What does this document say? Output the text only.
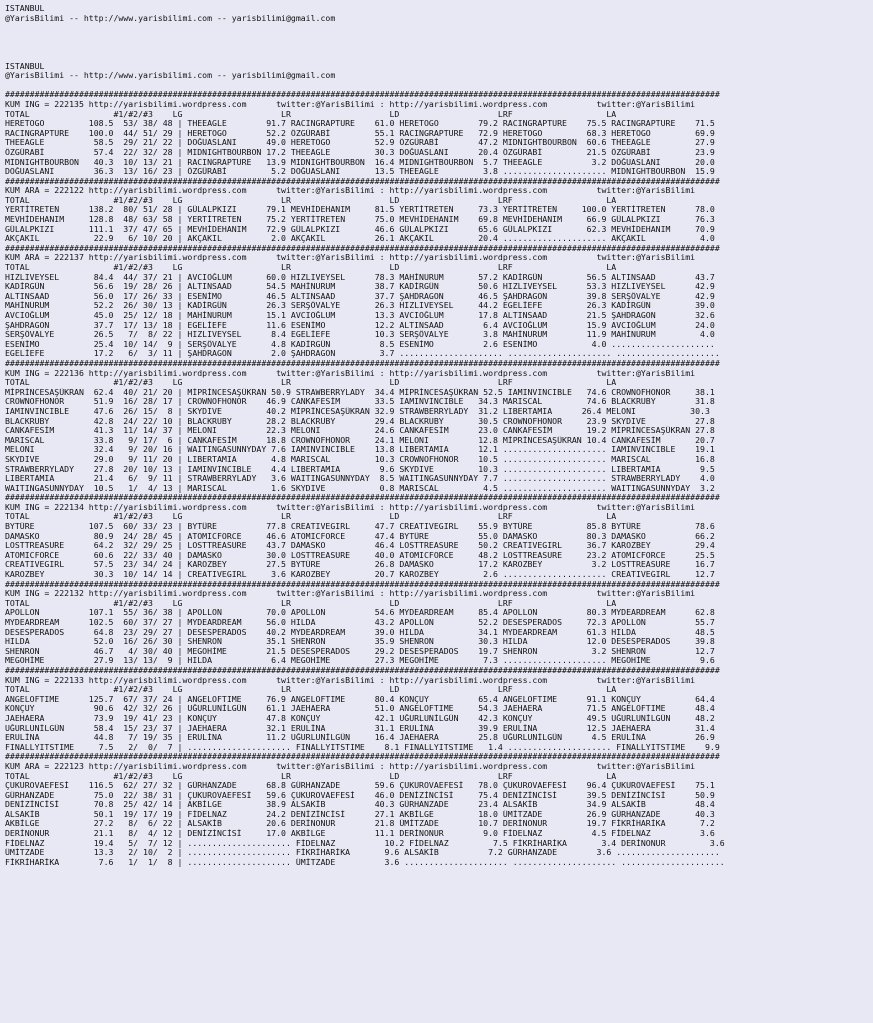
ISTANBUL
@YarisBilimi -- http://www.yarisbilimi.com -- yarisbilimi@gmail.com

ISTANBUL
@YarisBilimi -- http://www.yarisbilimi.com -- yarisbilimi@gmail.com

#################################################################################################################################################
KUM ING = 222135 http://yarisbilimi.wordpress.com      twitter:@YarisBilimi : http://yarisbilimi.wordpress.com          twitter:@YarisBilimi
TOTAL                 #1/#2/#3    LG                    LR                    LD                    LRF                   LA
HERETOGO         108.5  53/ 38/ 48 | THEEAGLE        91.7 RACINGRAPTURE    61.0 HERETOGO        79.2 RACINGRAPTURE    75.5 RACINGRAPTURE    71.5
RACINGRAPTURE    100.0  44/ 51/ 29 | HERETOGO        52.2 ÖZGÜRABİ         55.1 RACINGRAPTURE   72.9 HERETOGO         68.3 HERETOGO         69.9
THEEAGLE          58.5  29/ 21/ 22 | DOĞUASLANI      49.0 HERETOGO         52.9 ÖZGÜRABİ        47.2 MIDNIGHTBOURBON  60.6 THEEAGLE         27.9
ÖZGÜRABİ          57.4  22/ 32/ 28 | MIDNIGHTBOURBON 17.2 THEEAGLE         30.3 DOĞUASLANI      20.4 ÖZGÜRABİ         21.5 ÖZGÜRABİ         23.9
MIDNIGHTBOURBON   40.3  10/ 13/ 21 | RACINGRAPTURE   13.9 MIDNIGHTBOURBON  16.4 MIDNIGHTBOURBON  5.7 THEEAGLE          3.2 DOĞUASLANI       20.0
DOĞUASLANI        36.3  13/ 16/ 23 | ÖZGÜRABİ         5.2 DOĞUASLANI       13.5 THEEAGLE         3.8 ..................... MIDNIGHTBOURBON  15.9
#################################################################################################################################################
KUM ARA = 222122 http://yarisbilimi.wordpress.com      twitter:@YarisBilimi : http://yarisbilimi.wordpress.com          twitter:@YarisBilimi
TOTAL                 #1/#2/#3    LG                    LR                    LD                    LRF                   LA
YERTİTRETEN      138.2  80/ 51/ 28 | GÜLALPKIZI      79.1 MEVHİDEHANIM     81.5 YERTİTRETEN     73.3 YERTİTRETEN     100.0 YERTİTRETEN      78.0
MEVHİDEHANIM     128.8  48/ 63/ 58 | YERTİTRETEN     75.2 YERTİTRETEN      75.0 MEVHİDEHANIM    69.8 MEVHİDEHANIM     66.9 GÜLALPKIZI       76.3
GÜLALPKIZI       111.1  37/ 47/ 65 | MEVHİDEHANIM    72.9 GÜLALPKIZI       46.6 GÜLALPKIZI      65.6 GÜLALPKIZI       62.3 MEVHİDEHANIM     70.9
AKÇAKIL           22.9   6/ 10/ 20 | AKÇAKIL          2.0 AKÇAKIL          26.1 AKÇAKIL         20.4 ..................... AKÇAKIL           4.0
#################################################################################################################################################
KUM ARA = 222137 http://yarisbilimi.wordpress.com      twitter:@YarisBilimi : http://yarisbilimi.wordpress.com          twitter:@YarisBilimi
TOTAL                 #1/#2/#3    LG                    LR                    LD                    LRF                   LA
HIZLIVEYSEL       84.4  44/ 37/ 21 | AVCIOĞLUM       60.0 HIZLIVEYSEL      78.3 MAHİNURUM       57.2 KADİRGÜN         56.5 ALTINSAAD        43.7
KADİRGÜN          56.6  19/ 28/ 26 | ALTINSAAD       54.5 MAHİNURUM        38.7 KADİRGÜN        50.6 HIZLIVEYSEL      53.3 HIZLIVEYSEL      42.9
ALTINSAAD         56.0  17/ 26/ 33 | ESENİMO         46.5 ALTINSAAD        37.7 ŞAHDRAGON       46.5 ŞAHDRAGON        39.8 SERŞÖVALYE       42.9
MAHİNURUM         52.2  26/ 30/ 13 | KADİRGÜN        26.3 SERŞÖVALYE       26.3 HIZLIVEYSEL     44.2 EGELİEFE         26.3 KADİRGÜN         39.0
AVCIOĞLUM         45.0  25/ 12/ 18 | MAHİNURUM       15.1 AVCIOĞLUM        13.3 AVCIOĞLUM       17.8 ALTINSAAD        21.5 ŞAHDRAGON        32.6
ŞAHDRAGON         37.7  17/ 13/ 18 | EGELİEFE        11.6 ESENİMO          12.2 ALTINSAAD        6.4 AVCIOĞLUM        15.9 AVCIOĞLUM        24.0
SERŞÖVALYE        26.5   7/  8/ 22 | HIZLIVEYSEL      8.4 EGELİEFE         10.3 SERŞÖVALYE       3.8 MAHİNURUM        11.9 MAHİNURUM         4.0
ESENİMO           25.4  10/ 14/  9 | SERŞÖVALYE       4.8 KADİRGÜN          8.5 ESENİMO          2.6 ESENİMO           4.0 .....................
EGELİEFE          17.2   6/  3/ 11 | ŞAHDRAGON        2.0 ŞAHDRAGON         3.7 ..................... ..................... .....................
#################################################################################################################################################
KUM ING = 222136 http://yarisbilimi.wordpress.com      twitter:@YarisBilimi : http://yarisbilimi.wordpress.com          twitter:@YarisBilimi
TOTAL                 #1/#2/#3    LG                    LR                    LD                    LRF                   LA
MİPRİNCESAŞÜKRAN  62.4  40/ 21/ 20 | MİPRİNCESAŞÜKRAN 50.9 STRAWBERRYLADY  34.4 MİPRİNCESAŞÜKRAN 52.5 IAMINVINCIBLE   74.6 CROWNOFHONOR     38.1
CROWNOFHONOR      51.9  16/ 28/ 17 | CROWNOFHONOR    46.9 CANKAFESİM       33.5 IAMINVINCIBLE   34.3 MARISCAL         74.6 BLACKRUBY        31.8
IAMINVINCIBLE     47.6  26/ 15/  8 | SKYDIVE         40.2 MİPRİNCESAŞÜKRAN 32.9 STRAWBERRYLADY  31.2 LIBERTAMIA      26.4 MELONI           30.3
BLACKRUBY         42.8  24/ 22/ 10 | BLACKRUBY       28.2 BLACKRUBY        29.4 BLACKRUBY       30.5 CROWNOFHONOR     23.9 SKYDIVE          27.8
CANKAFESİM        41.3  11/ 14/ 37 | MELONI          22.3 MELONI           24.6 CANKAFESİM      23.0 CANKAFESİM       19.2 MİPRİNCESAŞÜKRAN 27.8
MARISCAL          33.8   9/ 17/  6 | CANKAFESİM      18.8 CROWNOFHONOR     24.1 MELONI          12.8 MİPRİNCESAŞÜKRAN 10.4 CANKAFESİM       20.7
MELONI            32.4   9/ 20/ 16 | WAITINGASUNNYDAY 7.6 IAMINVINCIBLE    13.8 LIBERTAMIA      12.1 ..................... IAMINVINCIBLE    19.1
SKYDIVE           29.0   9/ 11/ 20 | LIBERTAMIA       4.8 MARISCAL         10.3 CROWNOFHONOR    10.5 ..................... MARISCAL         16.8
STRAWBERRYLADY    27.8  20/ 10/ 13 | IAMINVINCIBLE    4.4 LIBERTAMIA        9.6 SKYDIVE         10.3 ..................... LIBERTAMIA        9.5
LIBERTAMIA        21.4   6/  9/ 11 | STRAWBERRYLADY   3.6 WAITINGASUNNYDAY  8.5 WAITINGASUNNYDAY 7.7 ..................... STRAWBERRYLADY    4.0
WAITINGASUNNYDAY  10.5   1/  4/ 13 | MARISCAL         1.6 SKYDIVE           0.8 MARISCAL         4.5 ..................... WAITINGASUNNYDAY  3.2
#################################################################################################################################################
KUM ING = 222134 http://yarisbilimi.wordpress.com      twitter:@YarisBilimi : http://yarisbilimi.wordpress.com          twitter:@YarisBilimi
TOTAL                 #1/#2/#3    LG                    LR                    LD                    LRF                   LA
BYTÜRE           107.5  60/ 33/ 23 | BYTÜRE          77.8 CREATIVEGIRL     47.7 CREATIVEGIRL    55.9 BYTÜRE           85.8 BYTÜRE           78.6
DAMASKO           80.9  24/ 28/ 45 | ATOMICFORCE     46.6 ATOMICFORCE      47.4 BYTÜRE          55.0 DAMASKO          80.3 DAMASKO          66.2
LOSTTREASURE      64.2  32/ 29/ 25 | LOSTTREASURE    43.7 DAMASKO          46.4 LOSTTREASURE    50.2 CREATIVEGIRL     36.7 KAROZBEY         29.4
ATOMICFORCE       60.6  22/ 33/ 40 | DAMASKO         30.0 LOSTTREASURE     40.0 ATOMICFORCE     48.2 LOSTTREASURE     23.2 ATOMICFORCE      25.5
CREATIVEGIRL      57.5  23/ 34/ 24 | KAROZBEY        27.5 BYTÜRE           26.8 DAMASKO         17.2 KAROZBEY          3.2 LOSTTREASURE     16.7
KAROZBEY          30.3  10/ 14/ 14 | CREATIVEGIRL     3.6 KAROZBEY         20.7 KAROZBEY         2.6 ..................... CREATIVEGIRL     12.7
#################################################################################################################################################
KUM ING = 222132 http://yarisbilimi.wordpress.com      twitter:@YarisBilimi : http://yarisbilimi.wordpress.com          twitter:@YarisBilimi
TOTAL                 #1/#2/#3    LG                    LR                    LD                    LRF                   LA
APOLLON          107.1  55/ 36/ 38 | APOLLON         70.0 APOLLON          54.6 MYDEARDREAM     85.4 APOLLON          80.3 MYDEARDREAM      62.8
MYDEARDREAM      102.5  60/ 37/ 27 | MYDEARDREAM     56.0 HILDA            43.2 APOLLON         52.2 DESESPERADOS     72.3 APOLLON          55.7
DESESPERADOS      64.8  23/ 29/ 27 | DESESPERADOS    40.2 MYDEARDREAM      39.0 HILDA           34.1 MYDEARDREAM      61.3 HILDA            48.5
HILDA             52.0  16/ 26/ 30 | SHENRON         35.1 SHENRON          35.9 SHENRON         30.3 HILDA            12.0 DESESPERADOS     39.8
SHENRON           46.7   4/ 30/ 40 | MEGOHİME        21.5 DESESPERADOS     29.2 DESESPERADOS    19.7 SHENRON           3.2 SHENRON          12.7
MEGOHİME          27.9  13/ 13/  9 | HILDA            6.4 MEGOHİME         27.3 MEGOHİME         7.3 ..................... MEGOHİME          9.6
#################################################################################################################################################
KUM ING = 222133 http://yarisbilimi.wordpress.com      twitter:@YarisBilimi : http://yarisbilimi.wordpress.com          twitter:@YarisBilimi
TOTAL                 #1/#2/#3    LG                    LR                    LD                    LRF                   LA
ANGELOFTIME      125.7  67/ 37/ 24 | ANGELOFTIME     76.9 ANGELOFTIME      80.4 KONÇUY          65.4 ANGELOFTIME      91.1 KONÇUY           64.4
KONÇUY            90.6  42/ 32/ 26 | UĞURLUNİLGÜN    61.1 JAEHAERA         51.0 ANGELOFTIME     54.3 JAEHAERA         71.5 ANGELOFTIME      48.4
JAEHAERA          73.9  19/ 41/ 23 | KONÇUY          47.8 KONÇUY           42.1 UĞURLUNİLGÜN    42.3 KONÇUY           49.5 UĞURLUNİLGÜN     48.2
UĞURLUNİLGÜN      58.4  15/ 23/ 37 | JAEHAERA        32.1 ERULİNA          31.1 ERULİNA         39.9 ERULİNA          12.5 JAEHAERA         31.4
ERULİNA           44.8   7/ 19/ 35 | ERULİNA         11.2 UĞURLUNİLGÜN     16.4 JAEHAERA        25.8 UĞURLUNİLGÜN      4.5 ERULİNA          26.9
FINALLYITSTIME     7.5   2/  0/  7 | ..................... FINALLYITSTIME    8.1 FINALLYITSTIME   1.4 ..................... FINALLYITSTIME    9.9
#################################################################################################################################################
KUM ARA = 222123 http://yarisbilimi.wordpress.com      twitter:@YarisBilimi : http://yarisbilimi.wordpress.com          twitter:@YarisBilimi
TOTAL                 #1/#2/#3    LG                    LR                    LD                    LRF                   LA
ÇUKUROVAEFESİ    116.5  62/ 27/ 32 | GÜRHANZADE      68.8 GÜRHANZADE       59.6 ÇUKUROVAEFESİ   78.0 ÇUKUROVAEFESİ    96.4 ÇUKUROVAEFESİ    75.1
GÜRHANZADE        75.0  22/ 38/ 31 | ÇUKUROVAEFESİ   59.6 ÇUKUROVAEFESİ    46.0 DENİZİNCİSİ     75.4 DENİZİNCİSİ      39.5 DENİZİNCİSİ      50.9
DENİZİNCİSİ       70.8  25/ 42/ 14 | AKBİLGE         38.9 ALSAKİB          40.3 GÜRHANZADE      23.4 ALSAKİB          34.9 ALSAKİB          48.4
ALSAKİB           50.1  19/ 17/ 19 | FİDELNAZ        24.2 DENİZİNCİSİ      27.1 AKBİLGE         18.0 ÜMİTZADE         26.9 GÜRHANZADE       40.3
AKBİLGE           27.2   8/  6/ 22 | ALSAKİB         20.6 DERİNONUR        21.8 ÜMİTZADE        10.7 DERİNONUR        19.7 FİKRİHARİKA       7.2
DERİNONUR         21.1   8/  4/ 12 | DENİZİNCİSİ     17.0 AKBİLGE          11.1 DERİNONUR        9.0 FİDELNAZ          4.5 FİDELNAZ          3.6
FİDELNAZ          19.4   5/  7/ 12 | ..................... FİDELNAZ          10.2 FİDELNAZ         7.5 FİKRİHARİKA       3.4 DERİNONUR         3.6
ÜMİTZADE          13.3   2/ 10/  2 | ..................... FİKRİHARİKA       9.6 ALSAKİB          7.2 GÜRHANZADE        3.6 .....................
FİKRİHARİKA        7.6   1/  1/  8 | ..................... ÜMİTZADE          3.6 ..................... ..................... .....................
